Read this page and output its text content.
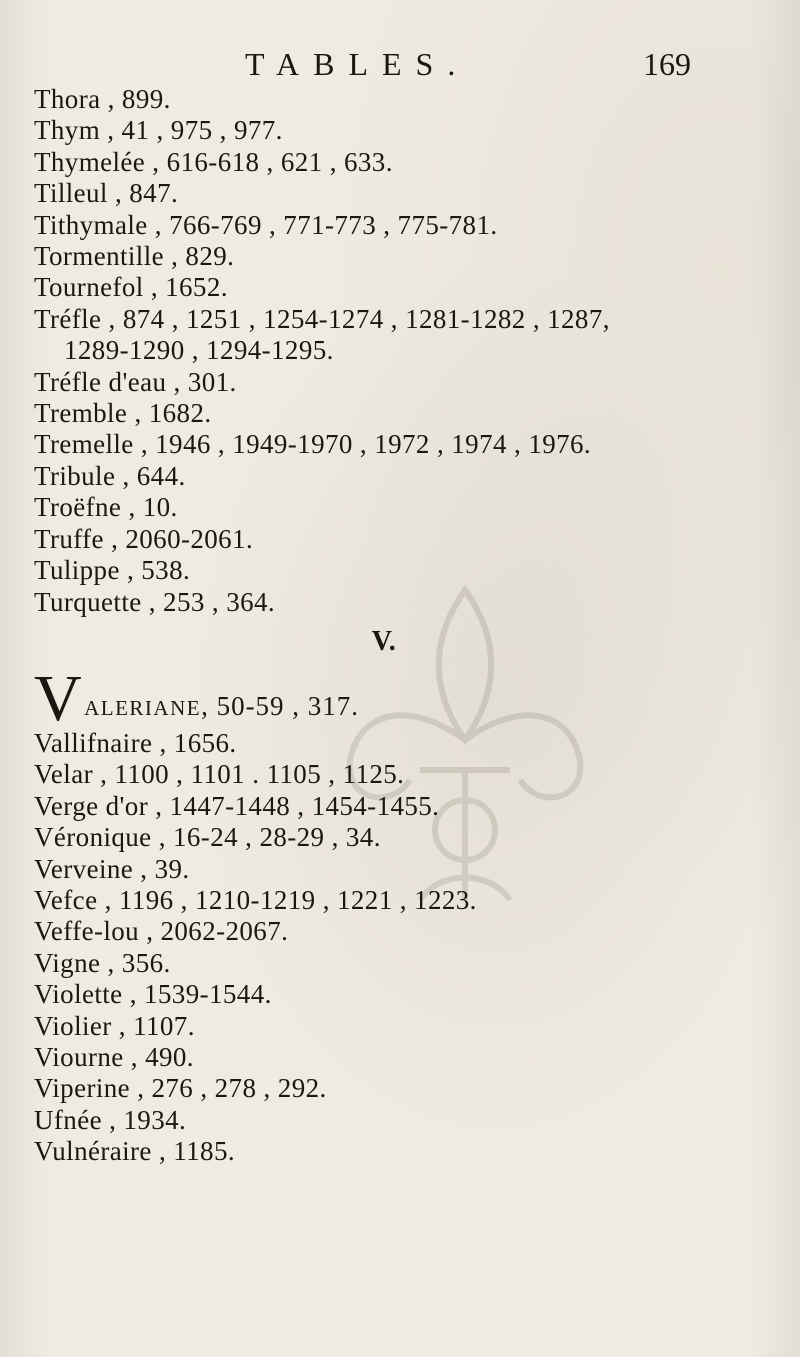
TABLES.	169
Thora , 899.
Thym , 41 , 975 , 977.
Thymelée , 616-618 , 621 , 633.
Tilleul , 847.
Tithymale , 766-769 , 771-773 , 775-781.
Tormentille , 829.
Tournefol , 1652.
Tréfle , 874 , 1251 , 1254-1274 , 1281-1282 , 1287,
1289-1290 , 1294-1295.
Tréfle d'eau , 301.
Tremble , 1682.
Tremelle , 1946 , 1949-1970 , 1972 , 1974 , 1976.
Tribule , 644.
Troëfne , 10.
Truffe , 2060-2061.
Tulippe , 538.
Turquette , 253 , 364.
V.
V ALERIANE, 50-59 , 317.
Vallifnaire , 1656.
Velar , 1100 , 1101 . 1105 , 1125.
Verge d'or , 1447-1448 , 1454-1455.
Véronique , 16-24 , 28-29 , 34.
Verveine , 39.
Vefce , 1196 , 1210-1219 , 1221 , 1223.
Veffe-lou , 2062-2067.
Vigne , 356.
Violette , 1539-1544.
Violier , 1107.
Viourne , 490.
Viperine , 276 , 278 , 292.
Ufnée , 1934.
Vulnéraire , 1185.
